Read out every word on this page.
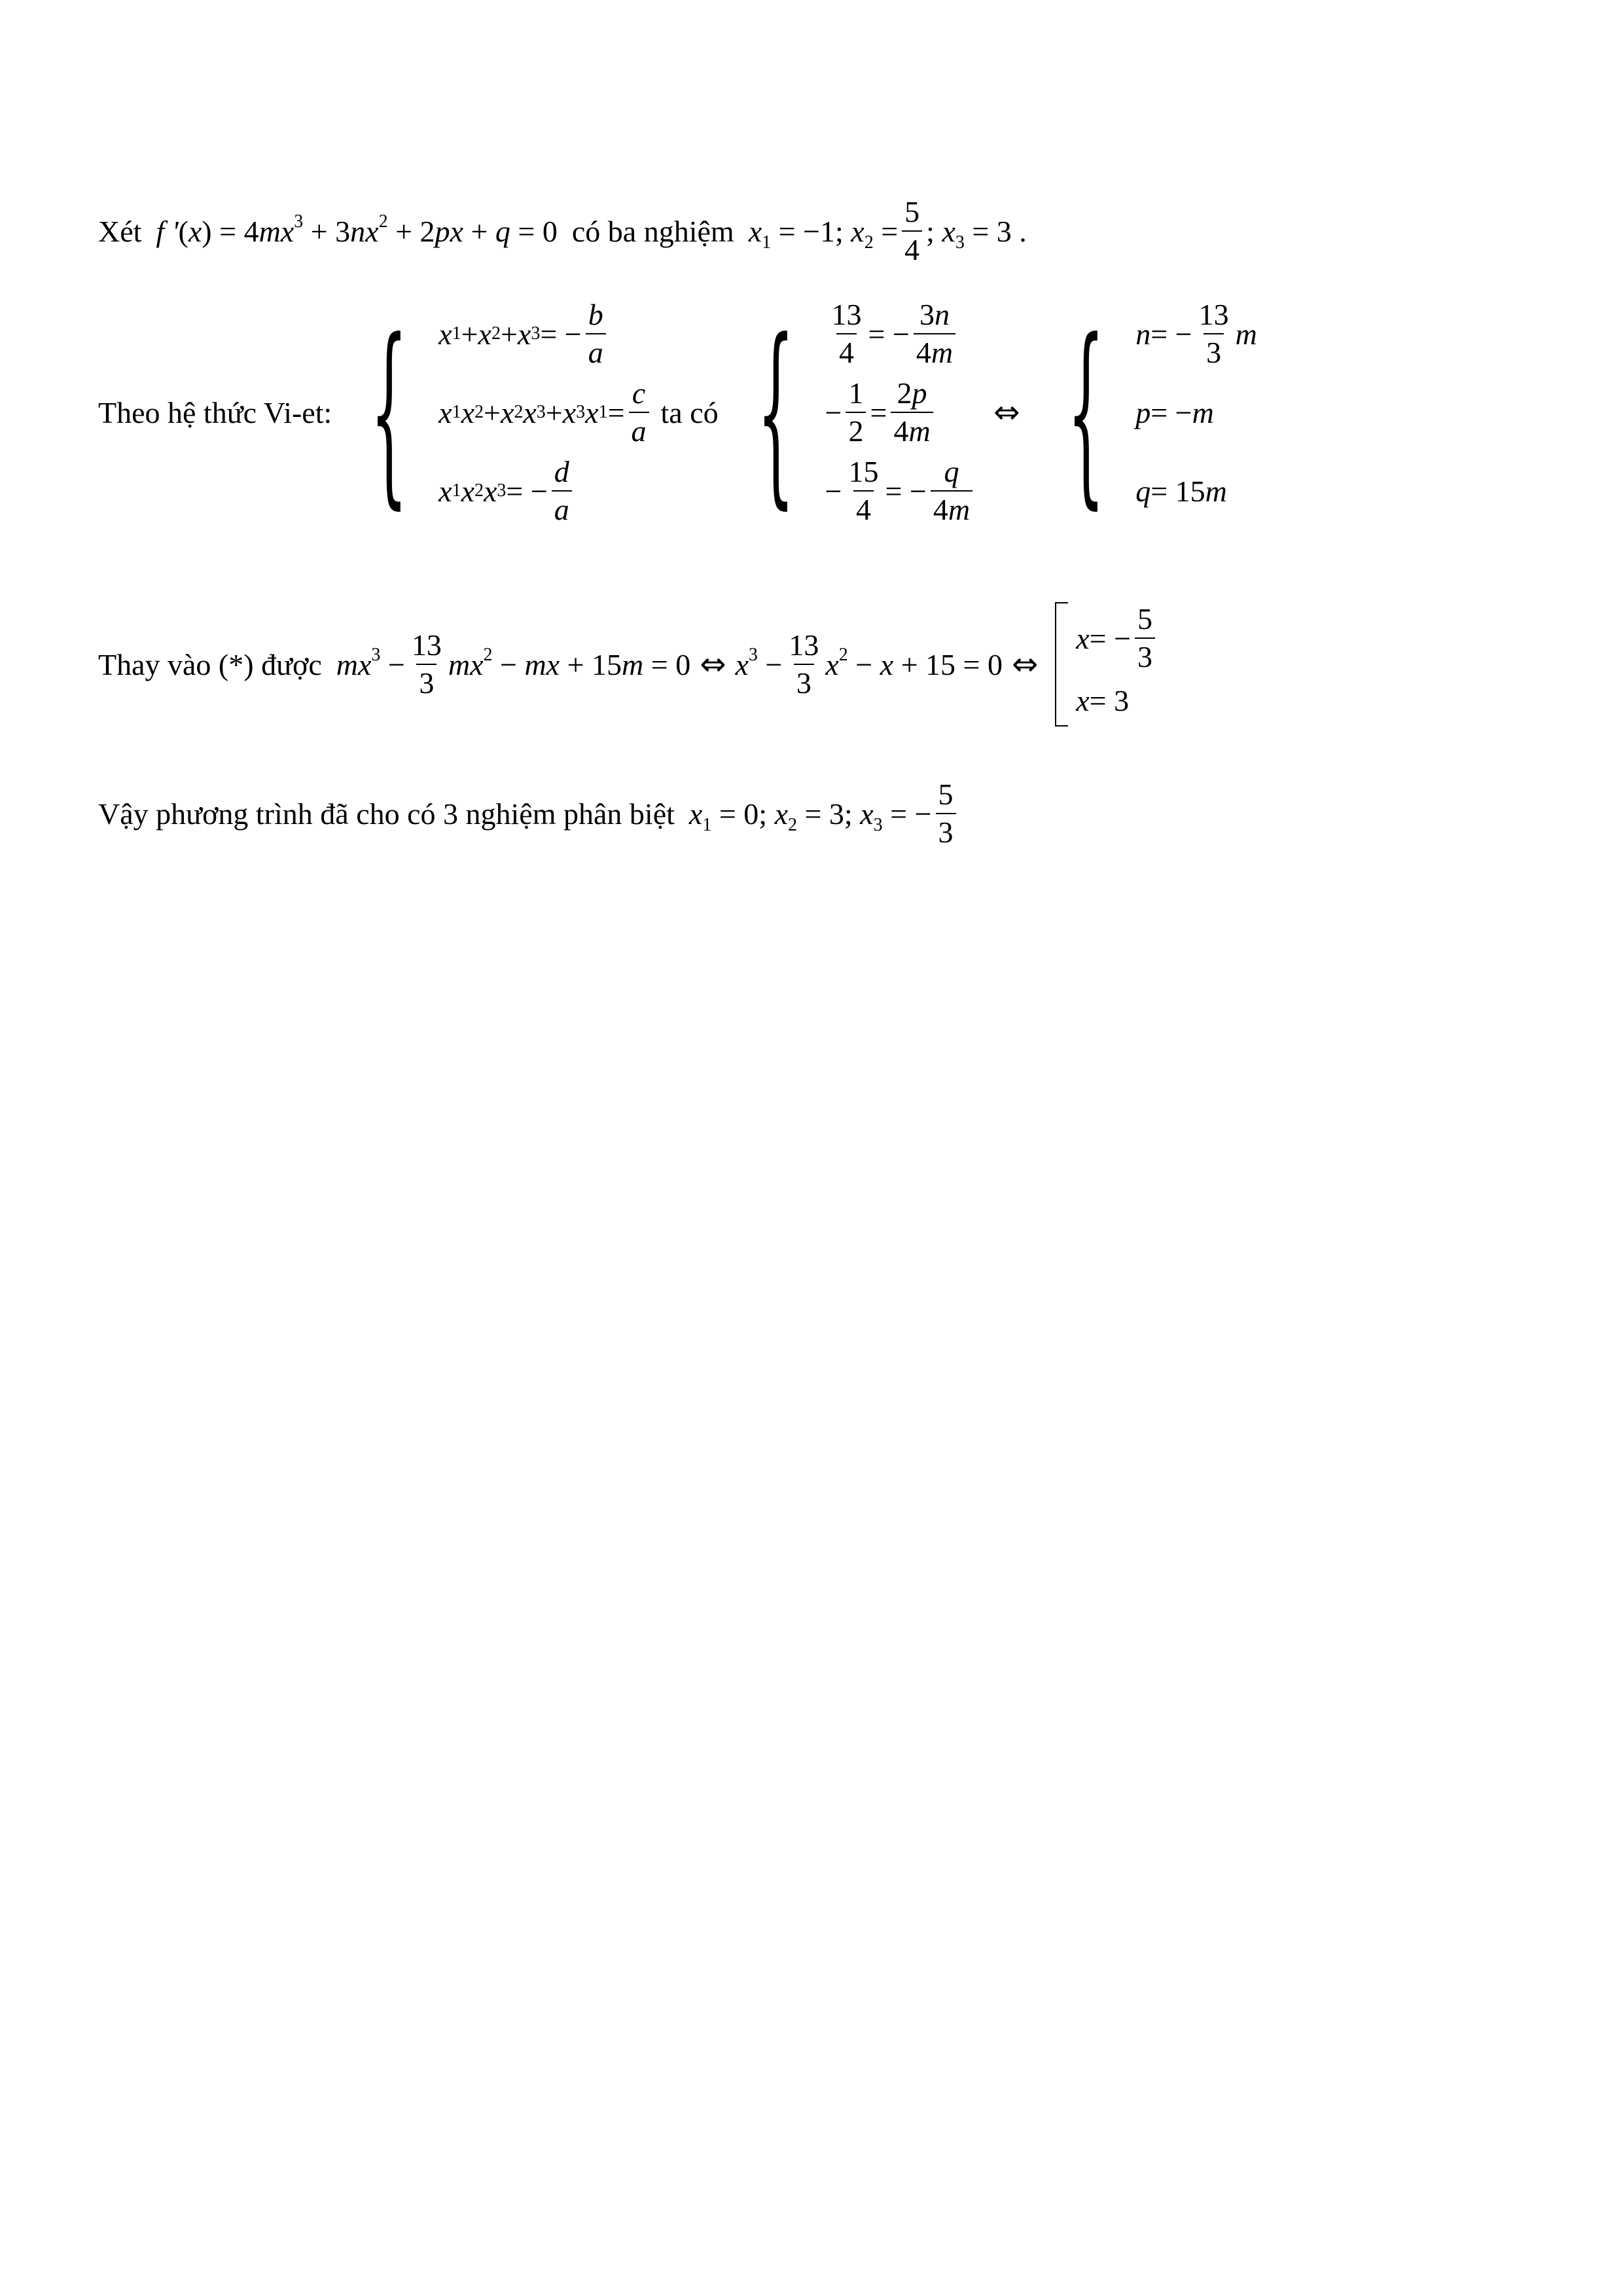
Xét f '$(x) = 4mx^3 + 3nx^2 + 2px + q = 0$ có ba nghiệm $x_1 = -1$; $x_2 = \frac{5}{4}$ ; $x_3 = 3$ .
Theo hệ thức Vi-et: { x 1 + x 2 + x 3 = − $\frac{b}{a}$
x 1 x 2 + x 2 x 3 + x 3 x $1 = \frac{c}{a}$
x 1 x 2 x 3 = − $\frac{d}{a}$
ta có { $\frac{13}{4}$ = − $\frac{3n}{4m}$
− $\frac{1}{2} = \frac{2p}{4m}$
− $\frac{15}{4}$ = − $\frac{q}{4m}$
⇔ { n = − $\frac{13}{3}$ m
p = − m
q = 15 m
Thay vào (*) được $mx^3 - \frac{13}{3} mx^2$ − mx + 15m = 0 ⇔ $x^3 - \frac{13}{3} x^2 - x + 15 = 0$ ⇔
x = − $\frac{5}{3}$
x = 3
Vậy phương trình đã cho có 3 nghiệm phân biệt $x_1 = 0$; $x_2 = 3$; $x_3$ = − $\frac{5}{3}$
